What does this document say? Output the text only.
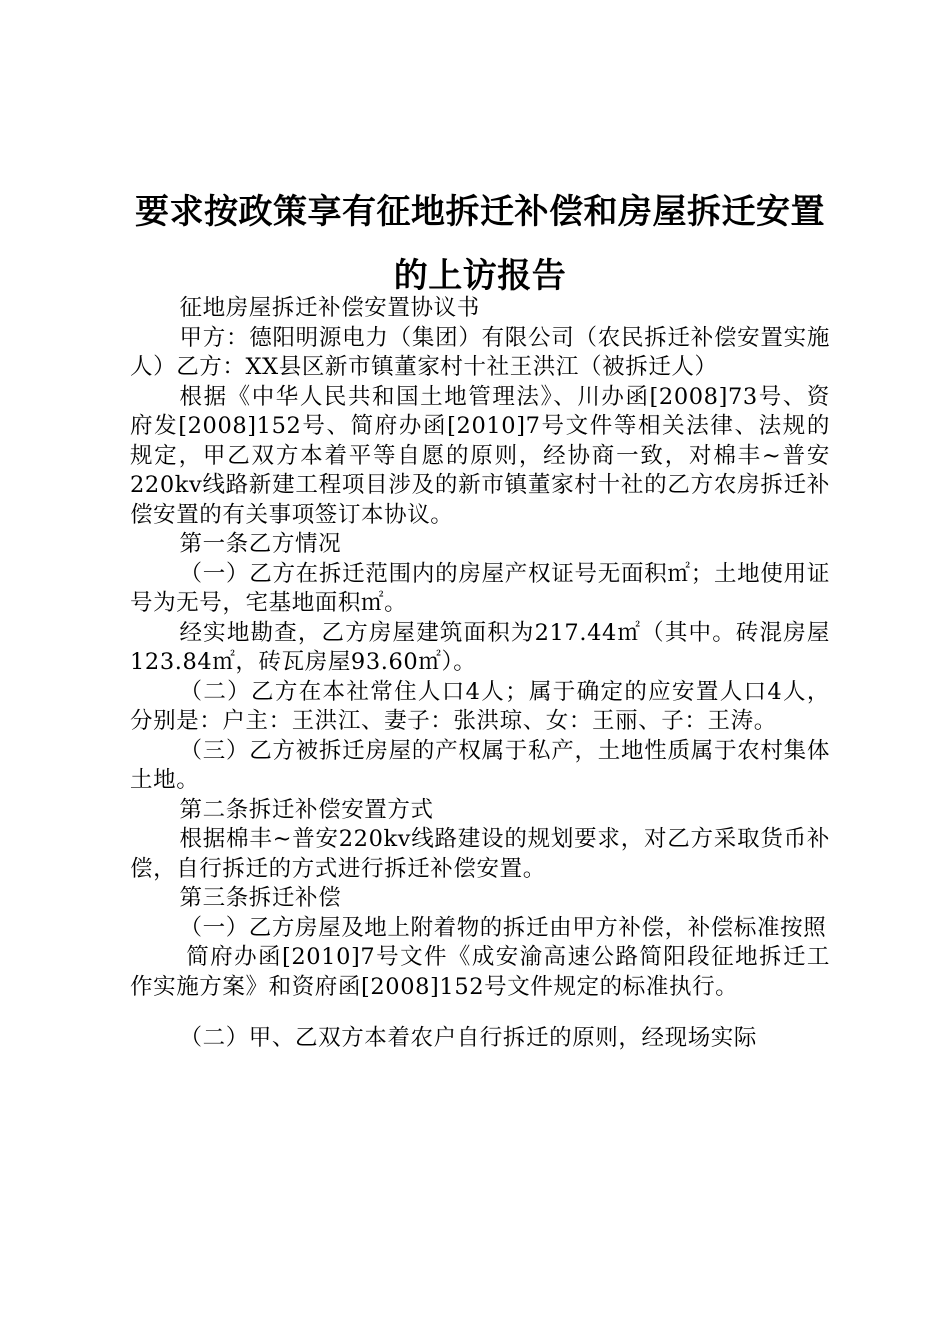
要求按政策享有征地拆迁补偿和房屋拆迁安置
的上访报告

征地房屋拆迁补偿安置协议书

甲方：德阳明源电力（集团）有限公司（农民拆迁补偿安置实施人）乙方：XX县区新市镇董家村十社王洪江（被拆迁人）

根据《中华人民共和国土地管理法》、川办函[2008]73号、资府发[2008]152号、简府办函[2010]7号文件等相关法律、法规的规定，甲乙双方本着平等自愿的原则，经协商一致，对棉丰~普安220kv线路新建工程项目涉及的新市镇董家村十社的乙方农房拆迁补偿安置的有关事项签订本协议。

第一条乙方情况

（一）乙方在拆迁范围内的房屋产权证号无面积㎡；土地使用证号为无号，宅基地面积㎡。

经实地勘查，乙方房屋建筑面积为217.44㎡（其中。砖混房屋123.84㎡，砖瓦房屋93.60㎡）。

（二）乙方在本社常住人口4人；属于确定的应安置人口4人，分别是：户主：王洪江、妻子：张洪琼、女：王丽、子：王涛。

（三）乙方被拆迁房屋的产权属于私产，土地性质属于农村集体土地。

第二条拆迁补偿安置方式

根据棉丰~普安220kv线路建设的规划要求，对乙方采取货币补偿，自行拆迁的方式进行拆迁补偿安置。

第三条拆迁补偿

（一）乙方房屋及地上附着物的拆迁由甲方补偿，补偿标准按照

简府办函[2010]7号文件《成安渝高速公路简阳段征地拆迁工作实施方案》和资府函[2008]152号文件规定的标准执行。

（二）甲、乙双方本着农户自行拆迁的原则，经现场实际
